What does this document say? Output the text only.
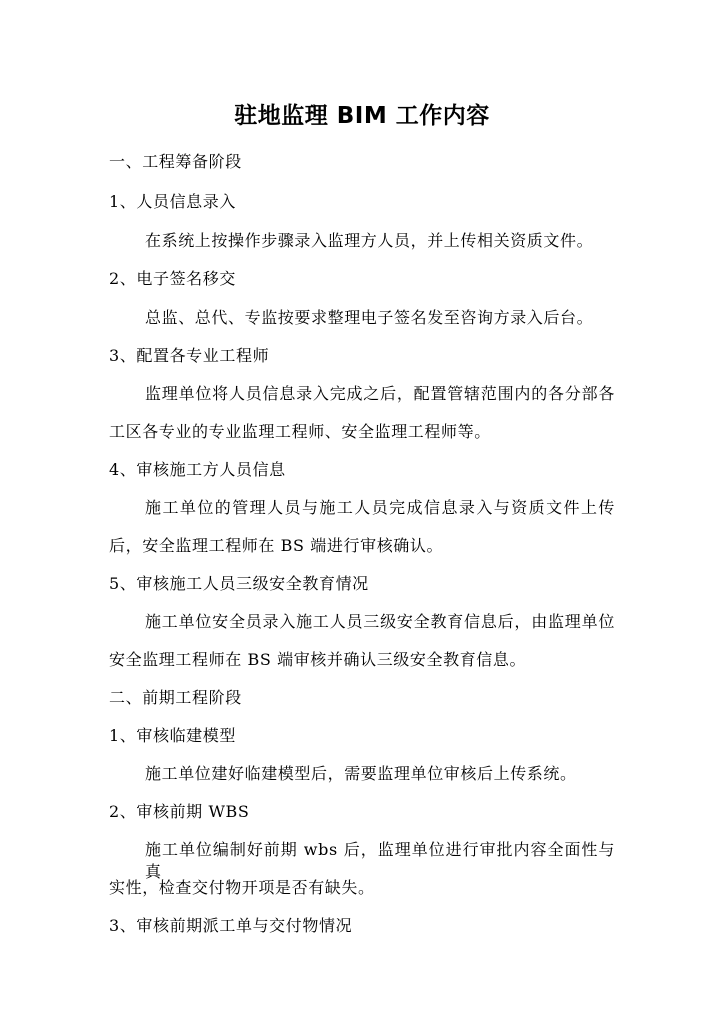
驻地监理 BIM 工作内容
一、工程筹备阶段
1、人员信息录入
在系统上按操作步骤录入监理方人员，并上传相关资质文件。
2、电子签名移交
总监、总代、专监按要求整理电子签名发至咨询方录入后台。
3、配置各专业工程师
监理单位将人员信息录入完成之后，配置管辖范围内的各分部各
工区各专业的专业监理工程师、安全监理工程师等。
4、审核施工方人员信息
施工单位的管理人员与施工人员完成信息录入与资质文件上传
后，安全监理工程师在 BS 端进行审核确认。
5、审核施工人员三级安全教育情况
施工单位安全员录入施工人员三级安全教育信息后，由监理单位
安全监理工程师在 BS 端审核并确认三级安全教育信息。
二、前期工程阶段
1、审核临建模型
施工单位建好临建模型后，需要监理单位审核后上传系统。
2、审核前期 WBS
施工单位编制好前期 wbs 后，监理单位进行审批内容全面性与真
实性，检查交付物开项是否有缺失。
3、审核前期派工单与交付物情况
